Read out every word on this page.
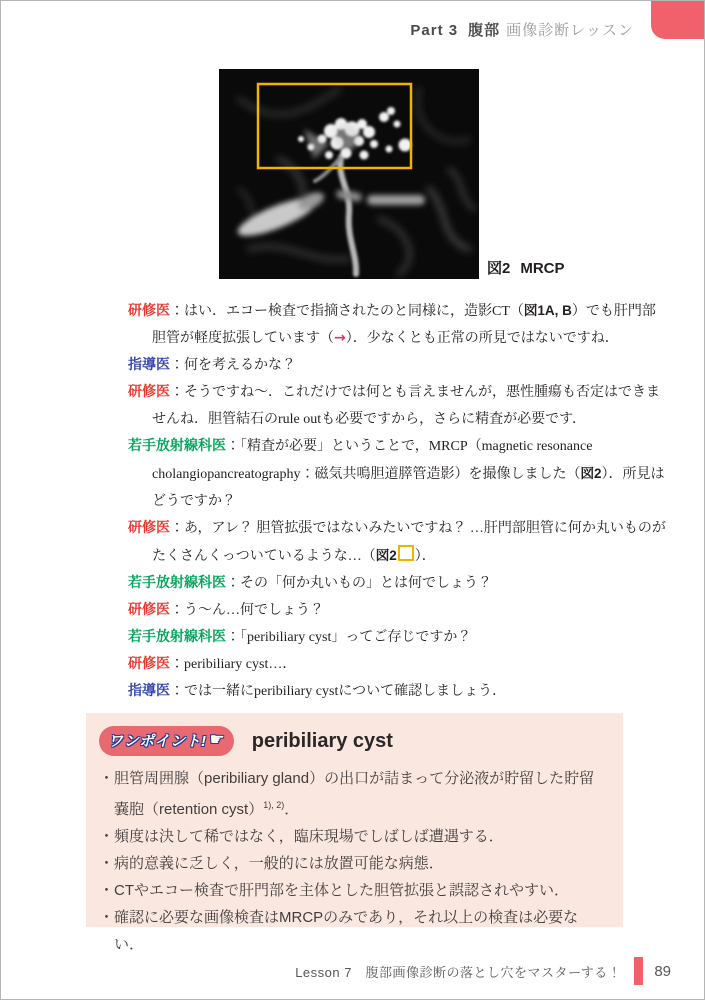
Part 3 腹部 画像診断レッスン
図2 MRCP
研修医：はい．エコー検査で指摘されたのと同様に，造影CT（図1A, B）でも肝門部胆管が軽度拡張しています（→）．少なくとも正常の所見ではないですね．
指導医：何を考えるかな？
研修医：そうですね～．これだけでは何とも言えませんが，悪性腫瘍も否定はできませんね．胆管結石のrule outも必要ですから，さらに精査が必要です．
若手放射線科医：「精査が必要」ということで，MRCP（magnetic resonance cholangiopancreatography：磁気共鳴胆道膵管造影）を撮像しました（図2）．所見はどうですか？
研修医：あ，アレ？ 胆管拡張ではないみたいですね？ …肝門部胆管に何か丸いものがたくさんくっついているような…（図2 ）．
若手放射線科医：その「何か丸いもの」とは何でしょう？
研修医：う～ん…何でしょう？
若手放射線科医：「peribiliary cyst」ってご存じですか？
研修医：peribiliary cyst…．
指導医：では一緒にperibiliary cystについて確認しましょう．
ワンポイント! ☛ peribiliary cyst
・胆管周囲腺（peribiliary gland）の出口が詰まって分泌液が貯留した貯留嚢胞（retention cyst）$^{1), 2)}$．
・頻度は決して稀ではなく，臨床現場でしばしば遭遇する．
・病的意義に乏しく，一般的には放置可能な病態．
・CTやエコー検査で肝門部を主体とした胆管拡張と誤認されやすい．
・確認に必要な画像検査はMRCPのみであり，それ以上の検査は必要ない．
Lesson 7　腹部画像診断の落とし穴をマスターする！ 89
